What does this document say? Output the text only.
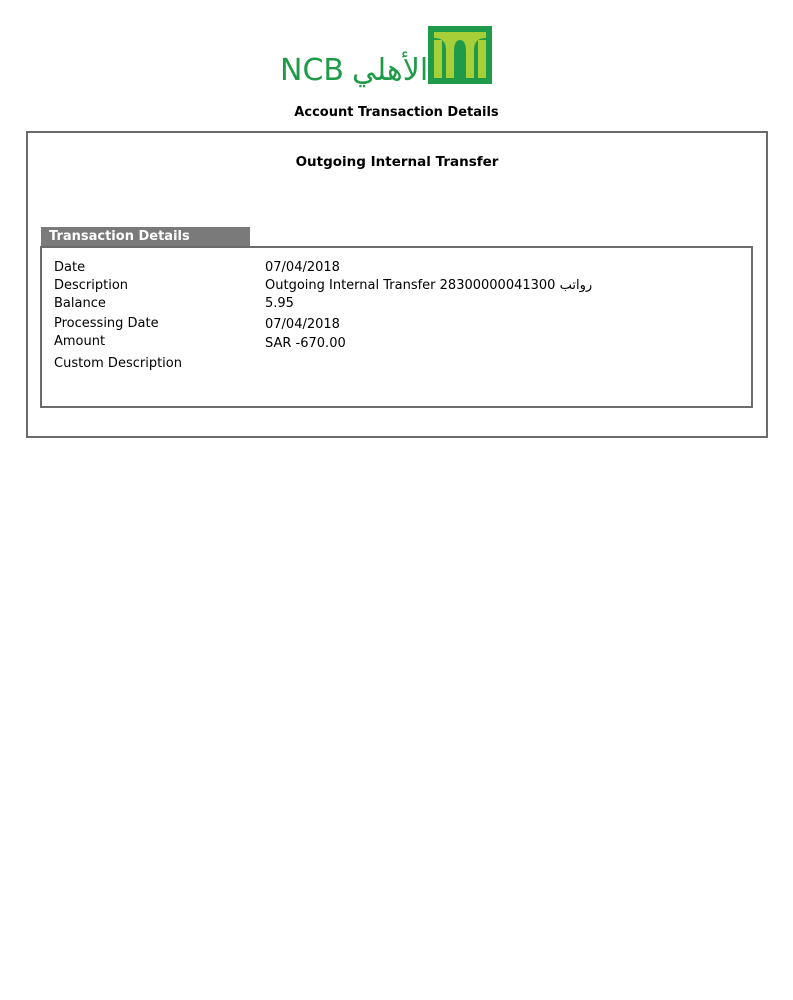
NCB الأهلي
Account Transaction Details
Outgoing Internal Transfer
Transaction Details
Date	07/04/2018
Description	Outgoing Internal Transfer 28300000041300 رواتب
Balance	5.95
Processing Date	07/04/2018
Amount	SAR -670.00
Custom Description
